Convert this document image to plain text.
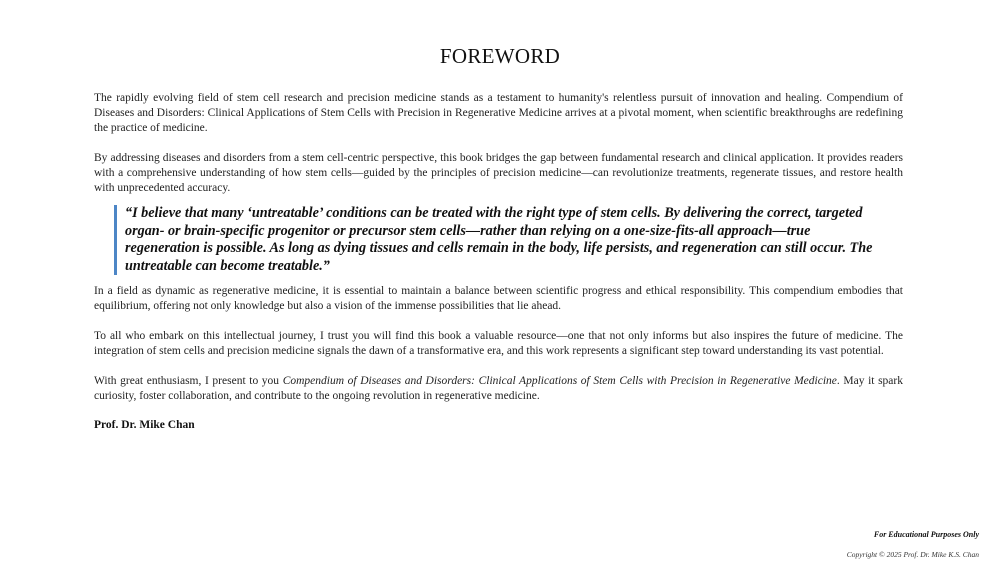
FOREWORD

The rapidly evolving field of stem cell research and precision medicine stands as a testament to humanity's relentless pursuit of innovation and healing. Compendium of Diseases and Disorders: Clinical Applications of Stem Cells with Precision in Regenerative Medicine arrives at a pivotal moment, when scientific breakthroughs are redefining the practice of medicine.

By addressing diseases and disorders from a stem cell-centric perspective, this book bridges the gap between fundamental research and clinical application. It provides readers with a comprehensive understanding of how stem cells—guided by the principles of precision medicine—can revolutionize treatments, regenerate tissues, and restore health with unprecedented accuracy.

“I believe that many ‘untreatable’ conditions can be treated with the right type of stem cells. By delivering the correct, targeted organ- or brain-specific progenitor or precursor stem cells—rather than relying on a one-size-fits-all approach—true regeneration is possible. As long as dying tissues and cells remain in the body, life persists, and regeneration can still occur. The untreatable can become treatable.”

In a field as dynamic as regenerative medicine, it is essential to maintain a balance between scientific progress and ethical responsibility. This compendium embodies that equilibrium, offering not only knowledge but also a vision of the immense possibilities that lie ahead.

To all who embark on this intellectual journey, I trust you will find this book a valuable resource—one that not only informs but also inspires the future of medicine. The integration of stem cells and precision medicine signals the dawn of a transformative era, and this work represents a significant step toward understanding its vast potential.

With great enthusiasm, I present to you Compendium of Diseases and Disorders: Clinical Applications of Stem Cells with Precision in Regenerative Medicine. May it spark curiosity, foster collaboration, and contribute to the ongoing revolution in regenerative medicine.

Prof. Dr. Mike Chan
For Educational Purposes Only
Copyright © 2025 Prof. Dr. Mike K.S. Chan
